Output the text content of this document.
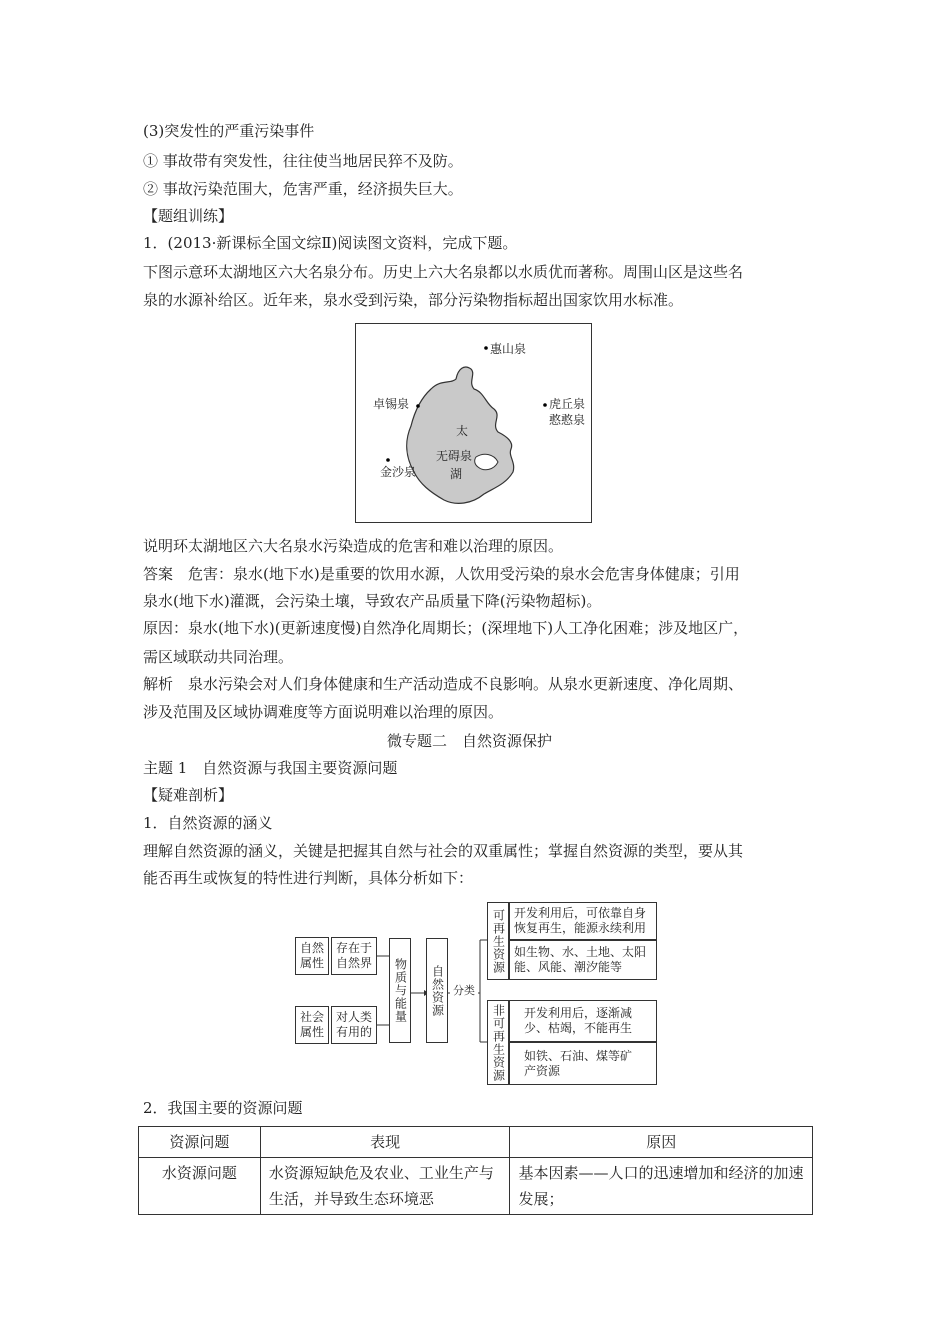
(3)突发性的严重污染事件
① 事故带有突发性，往往使当地居民猝不及防。
② 事故污染范围大，危害严重，经济损失巨大。
【题组训练】
1．(2013·新课标全国文综Ⅱ)阅读图文资料，完成下题。
下图示意环太湖地区六大名泉分布。历史上六大名泉都以水质优而著称。周围山区是这些名
泉的水源补给区。近年来，泉水受到污染，部分污染物指标超出国家饮用水标准。
惠山泉
卓锡泉	虎丘泉
憨憨泉
太
无碍泉
湖
金沙泉
说明环太湖地区六大名泉水污染造成的危害和难以治理的原因。
答案　危害：泉水(地下水)是重要的饮用水源，人饮用受污染的泉水会危害身体健康；引用
泉水(地下水)灌溉，会污染土壤，导致农产品质量下降(污染物超标)。
原因：泉水(地下水)(更新速度慢)自然净化周期长；(深埋地下)人工净化困难；涉及地区广，
需区域联动共同治理。
解析　泉水污染会对人们身体健康和生产活动造成不良影响。从泉水更新速度、净化周期、
涉及范围及区域协调难度等方面说明难以治理的原因。
微专题二　自然资源保护
主题 1　自然资源与我国主要资源问题
【疑难剖析】
1．自然资源的涵义
理解自然资源的涵义，关键是把握其自然与社会的双重属性；掌握自然资源的类型，要从其
能否再生或恢复的特性进行判断，具体分析如下：
自然属性
存在于自然界
社会属性
对人类有用的
物质与能量	自然资源 分类
可再生资源 开发利用后，可依靠自身恢复再生，能源永续利用
如生物、水、土地、太阳能、风能、潮汐能等
非可再生资源	开发利用后，逐渐减少、枯竭，不能再生
如铁、石油、煤等矿产资源
2．我国主要的资源问题
资源问题	表现	原因
水资源问题	水资源短缺危及农业、工业生产与生活，并导致生态环境恶	基本因素——人口的迅速增加和经济的加速发展；
